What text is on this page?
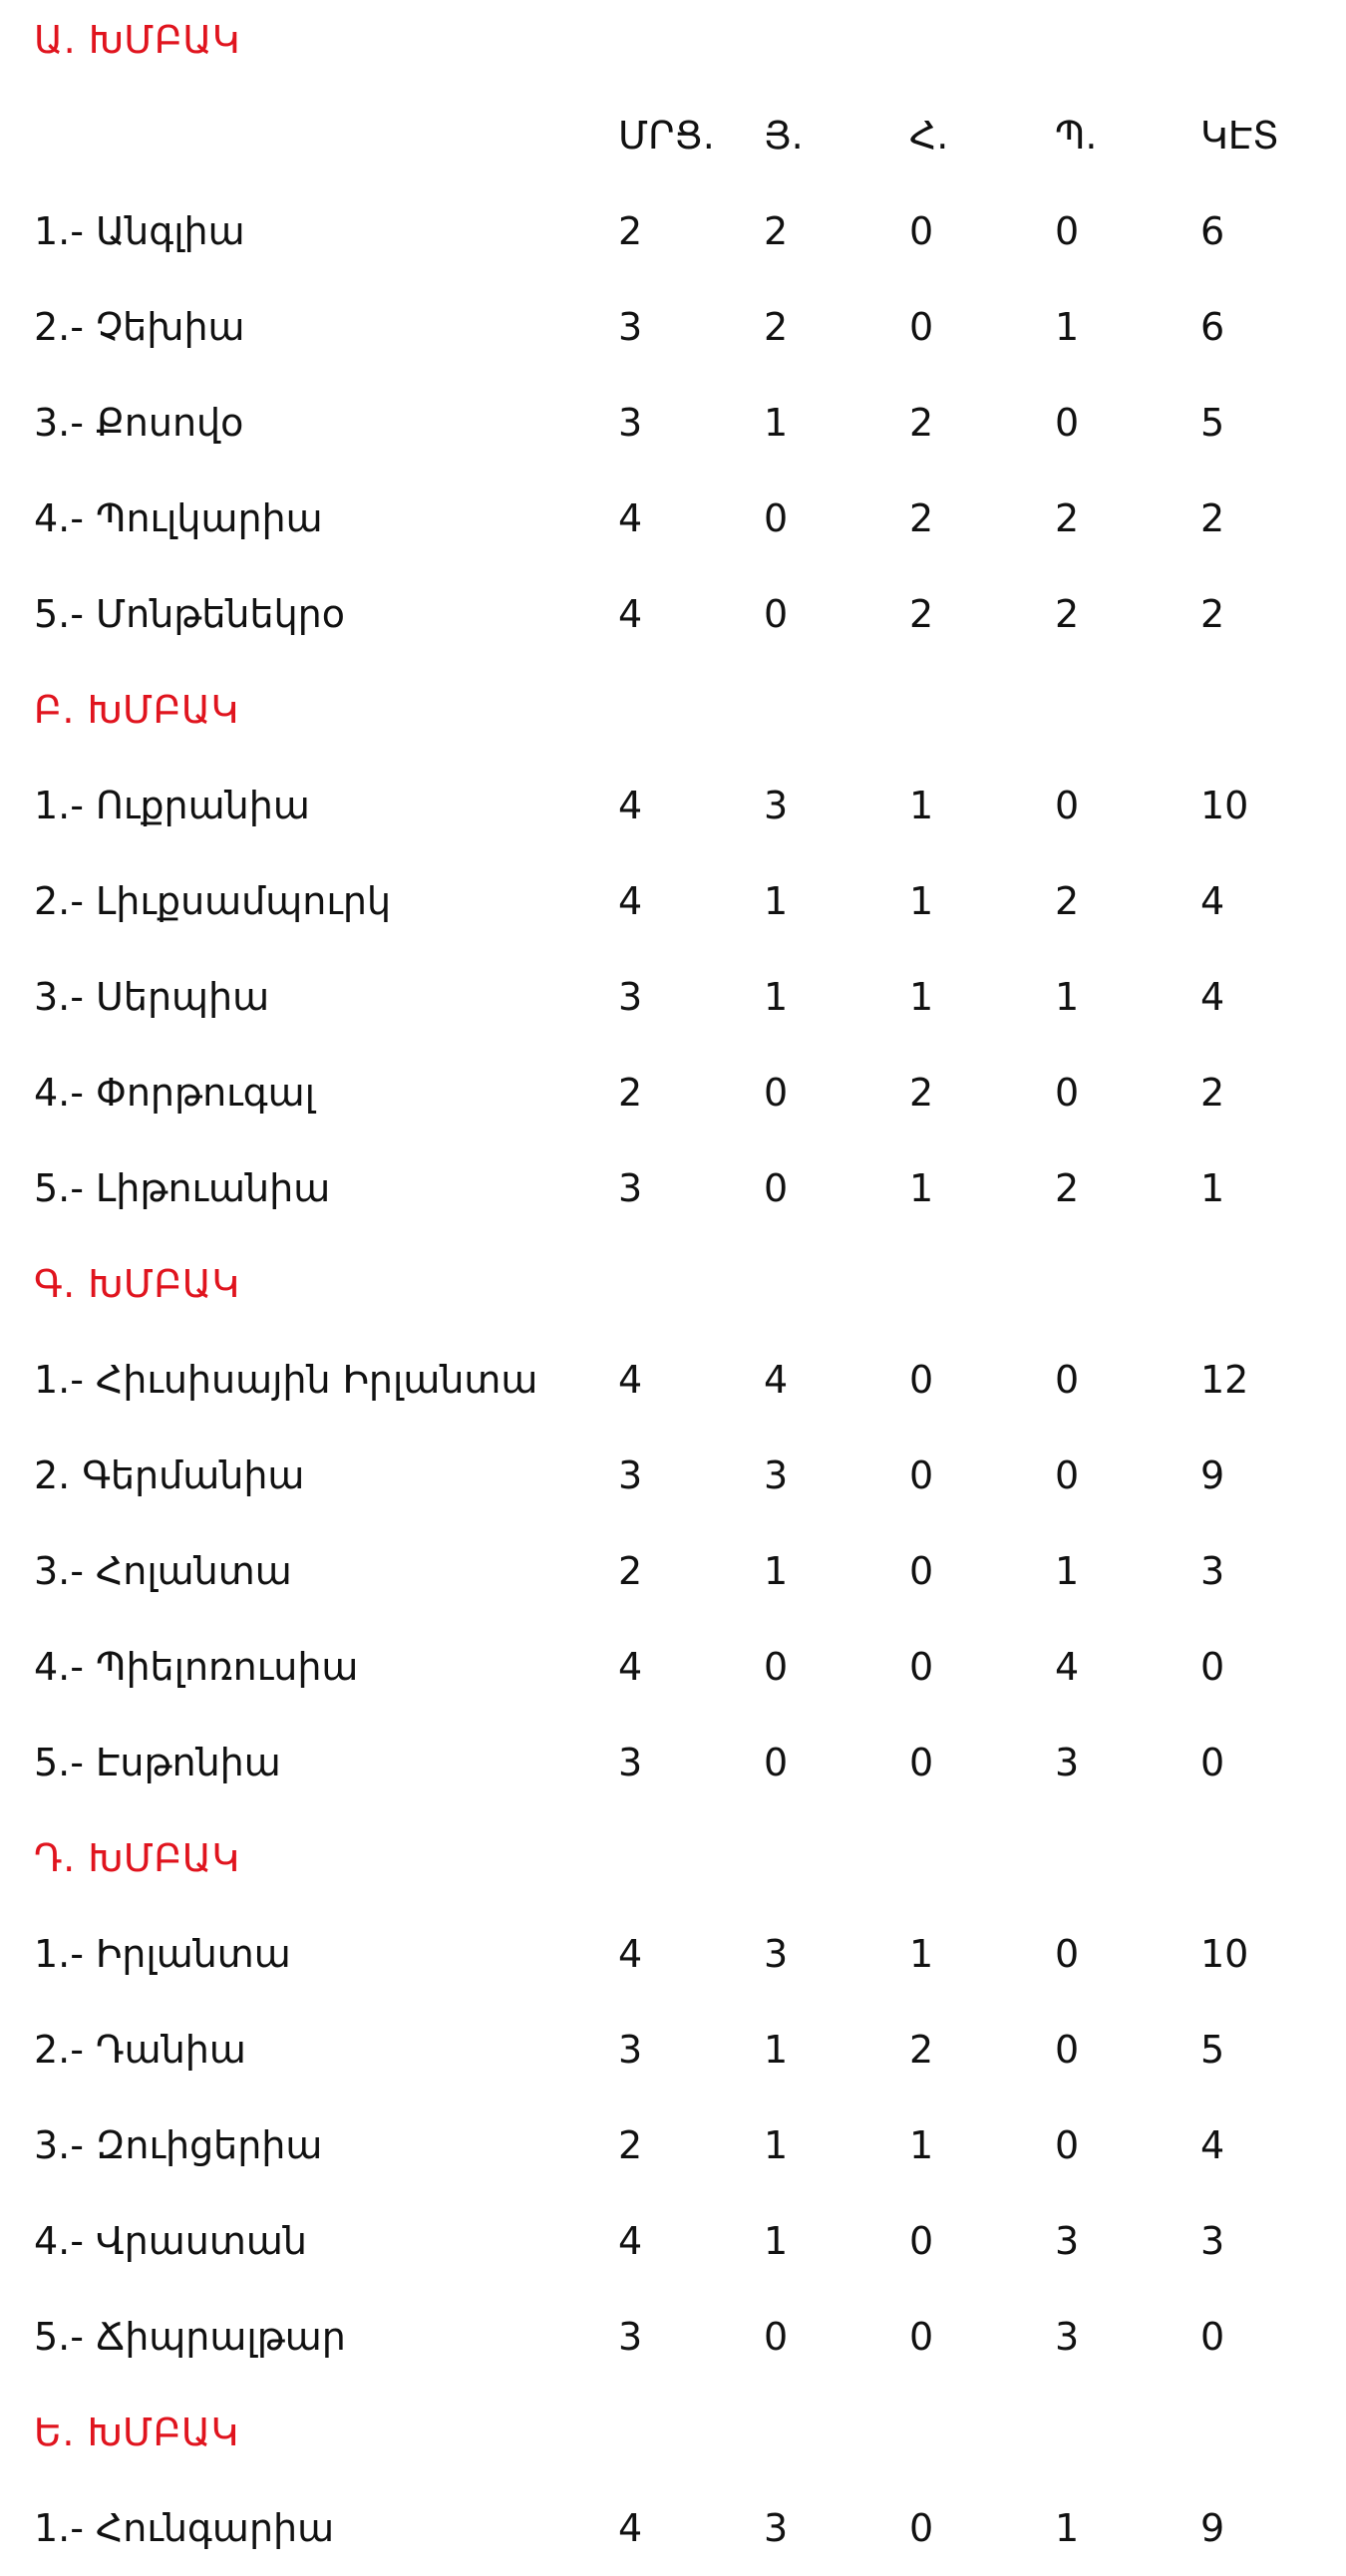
Ա. ԽՄԲԱԿ
ՄՐՑ. Յ.	Հ.	Պ.	ԿԷՏ
1.- Անգլիա	2	2	0	0	6
2.- Չեխիա	3	2	0	1	6
3.- Քոսովօ	3	1	2	0	5
4.- Պուլկարիա	4	0	2	2	2
5.- Մոնթենեկրօ	4	0	2	2	2
Բ. ԽՄԲԱԿ
1.- Ուքրանիա	4	3	1	0	10
2.- Լիւքսամպուրկ	4	1	1	2	4
3.- Սերպիա	3	1	1	1	4
4.- Փորթուգալ	2	0	2	0	2
5.- Լիթուանիա	3	0	1	2	1
Գ. ԽՄԲԱԿ
1.- Հիւսիսային Իրլանտա 4	4	0	0	12
2. Գերմանիա	3	3	0	0	9
3.- Հոլանտա	2	1	0	1	3
4.- Պիելոռուսիա	4	0	0	4	0
5.- Էսթոնիա	3	0	0	3	0
Դ. ԽՄԲԱԿ
1.- Իրլանտա	4	3	1	0	10
2.- Դանիա	3	1	2	0	5
3.- Զուիցերիա	2	1	1	0	4
4.- Վրաստան	4	1	0	3	3
5.- Ճիպրալթար	3	0	0	3	0
Ե. ԽՄԲԱԿ
1.- Հունգարիա	4	3	0	1	9
